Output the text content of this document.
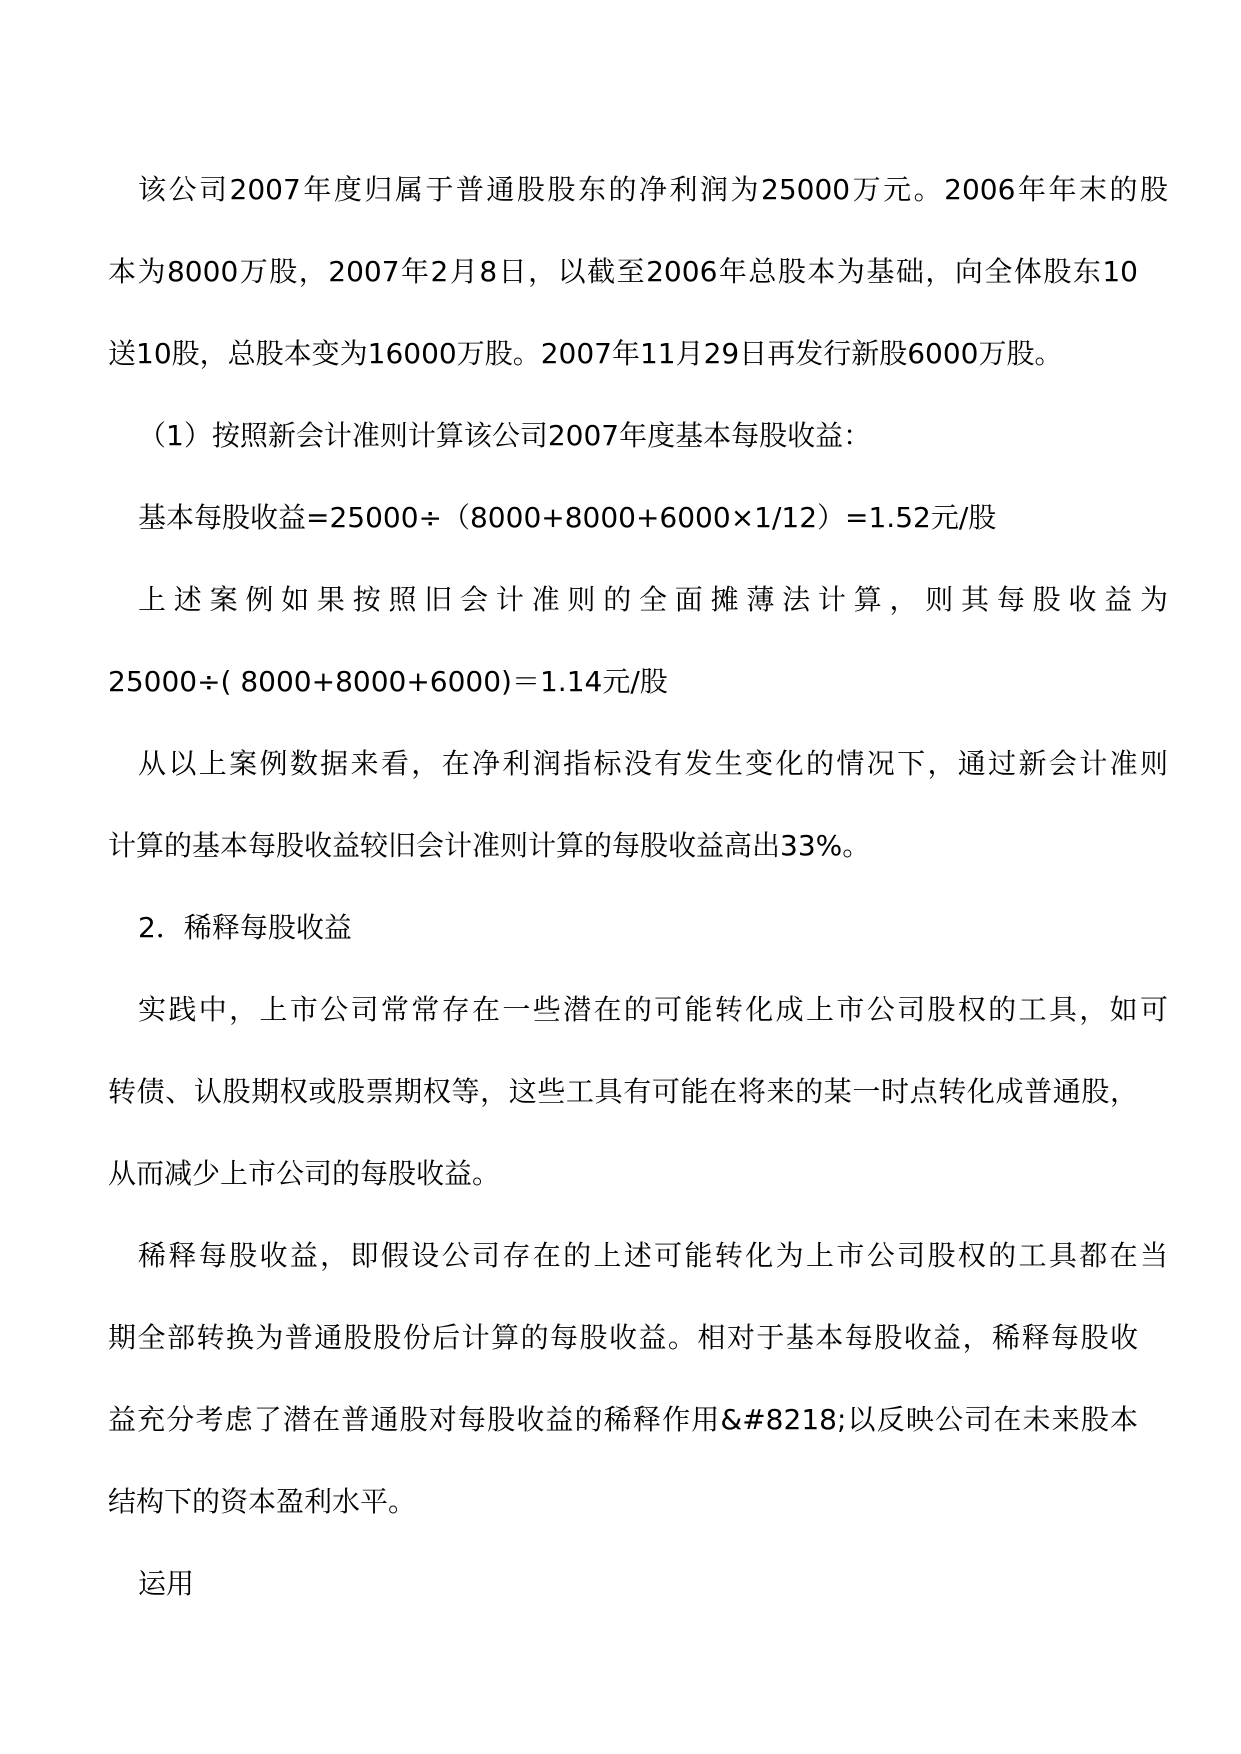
该公司2007年度归属于普通股股东的净利润为25000万元。2006年年末的股
本为8000万股，2007年2月8日，以截至2006年总股本为基础，向全体股东10
送10股，总股本变为16000万股。2007年11月29日再发行新股6000万股。
（1）按照新会计准则计算该公司2007年度基本每股收益：
基本每股收益=25000÷（8000+8000+6000×1/12）=1.52元/股
上述案例如果按照旧会计准则的全面摊薄法计算，则其每股收益为
25000÷( 8000+8000+6000)＝1.14元/股
从以上案例数据来看，在净利润指标没有发生变化的情况下，通过新会计准则
计算的基本每股收益较旧会计准则计算的每股收益高出33%。
2．稀释每股收益
实践中，上市公司常常存在一些潜在的可能转化成上市公司股权的工具，如可
转债、认股期权或股票期权等，这些工具有可能在将来的某一时点转化成普通股，
从而减少上市公司的每股收益。
稀释每股收益，即假设公司存在的上述可能转化为上市公司股权的工具都在当
期全部转换为普通股股份后计算的每股收益。相对于基本每股收益，稀释每股收
益充分考虑了潜在普通股对每股收益的稀释作用&#8218;以反映公司在未来股本
结构下的资本盈利水平。
运用
